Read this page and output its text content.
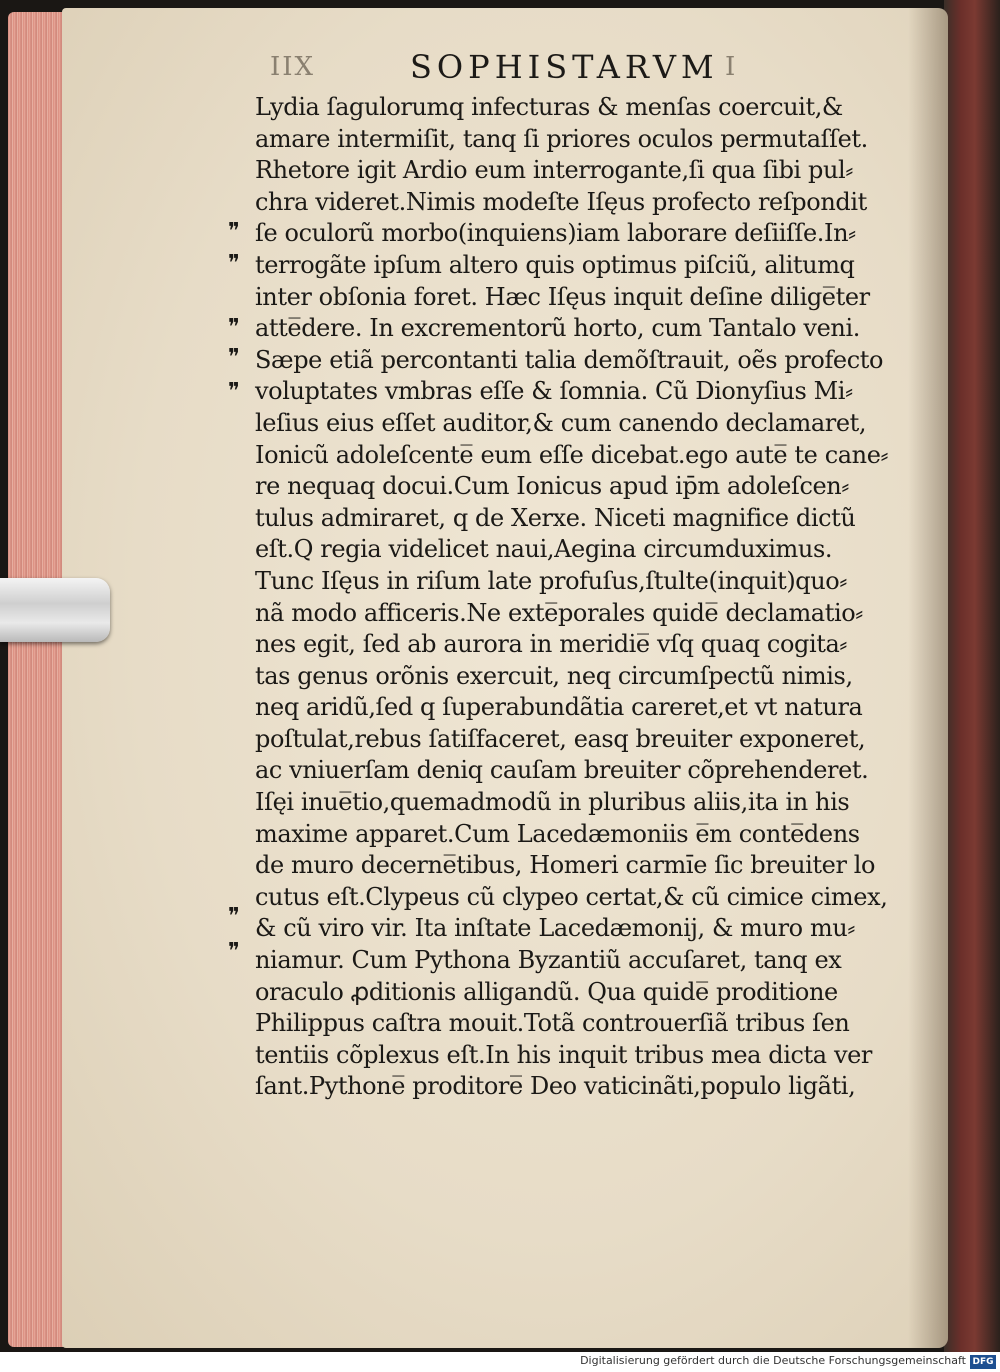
IIX	SOPHISTARVM I
❞
❞
❞
❞
❞
❞
❞
Lydia ſagulorumq infecturas & menſas coercuit,&
amare intermiſit, tanq ſi priores oculos permutaſſet.
Rhetore igit Ardio eum interrogante,ſi qua ſibi pul⸗
chra videret.Nimis modeſte Iſęus profecto reſpondit
ſe oculorũ morbo(inquiens)iam laborare deſiiſſe.In⸗
terrogãte ipſum altero quis optimus piſciũ, alitumq
inter obſonia foret. Hæc Iſęus inquit deſine dilige̅ter
atte̅dere. In excrementorũ horto, cum Tantalo veni.
Sæpe etiã percontanti talia demõſtrauit, oẽs profecto
voluptates vmbras eſſe & ſomnia. Cũ Dionyſius Mi⸗
leſius eius eſſet auditor,& cum canendo declamaret,
Ionicũ adoleſcente̅ eum eſſe dicebat.ego aute̅ te cane⸗
re nequaq docui.Cum Ionicus apud ip̄m adoleſcen⸗
tulus admiraret, q de Xerxe. Niceti magnifice dictũ
eſt.Q regia videlicet naui,Aegina circumduximus.
Tunc Iſęus in riſum late profuſus,ſtulte(inquit)quo⸗
nã modo afficeris.Ne exte̅porales quide̅ declamatio⸗
nes egit, ſed ab aurora in meridie̅ vſq quaq cogita⸗
tas genus orõnis exercuit, neq circumſpectũ nimis,
neq aridũ,ſed q ſuperabundãtia careret,et vt natura
poſtulat,rebus ſatiſfaceret, easq breuiter exponeret,
ac vniuerſam deniq cauſam breuiter cõprehenderet.
Iſęi inue̅tio,quemadmodũ in pluribus aliis,ita in his
maxime apparet.Cum Lacedæmoniis e̅m conte̅dens
de muro decerne̅tibus, Homeri carmı̄e ſic breuiter lo
cutus eſt.Clypeus cũ clypeo certat,& cũ cimice cimex,
& cũ viro vir. Ita inſtate Lacedæmonij, & muro mu⸗
niamur. Cum Pythona Byzantiũ accuſaret, tanq ex
oraculo ꝓditionis alligandũ. Qua quide̅ proditione
Philippus caſtra mouit.Totã controuerſiã tribus ſen
tentiis cõplexus eſt.In his inquit tribus mea dicta ver
ſant.Pythone̅ proditore̅ Deo vaticinãti,populo ligãti,
Digitalisierung gefördert durch die Deutsche Forschungsgemeinschaft DFG
